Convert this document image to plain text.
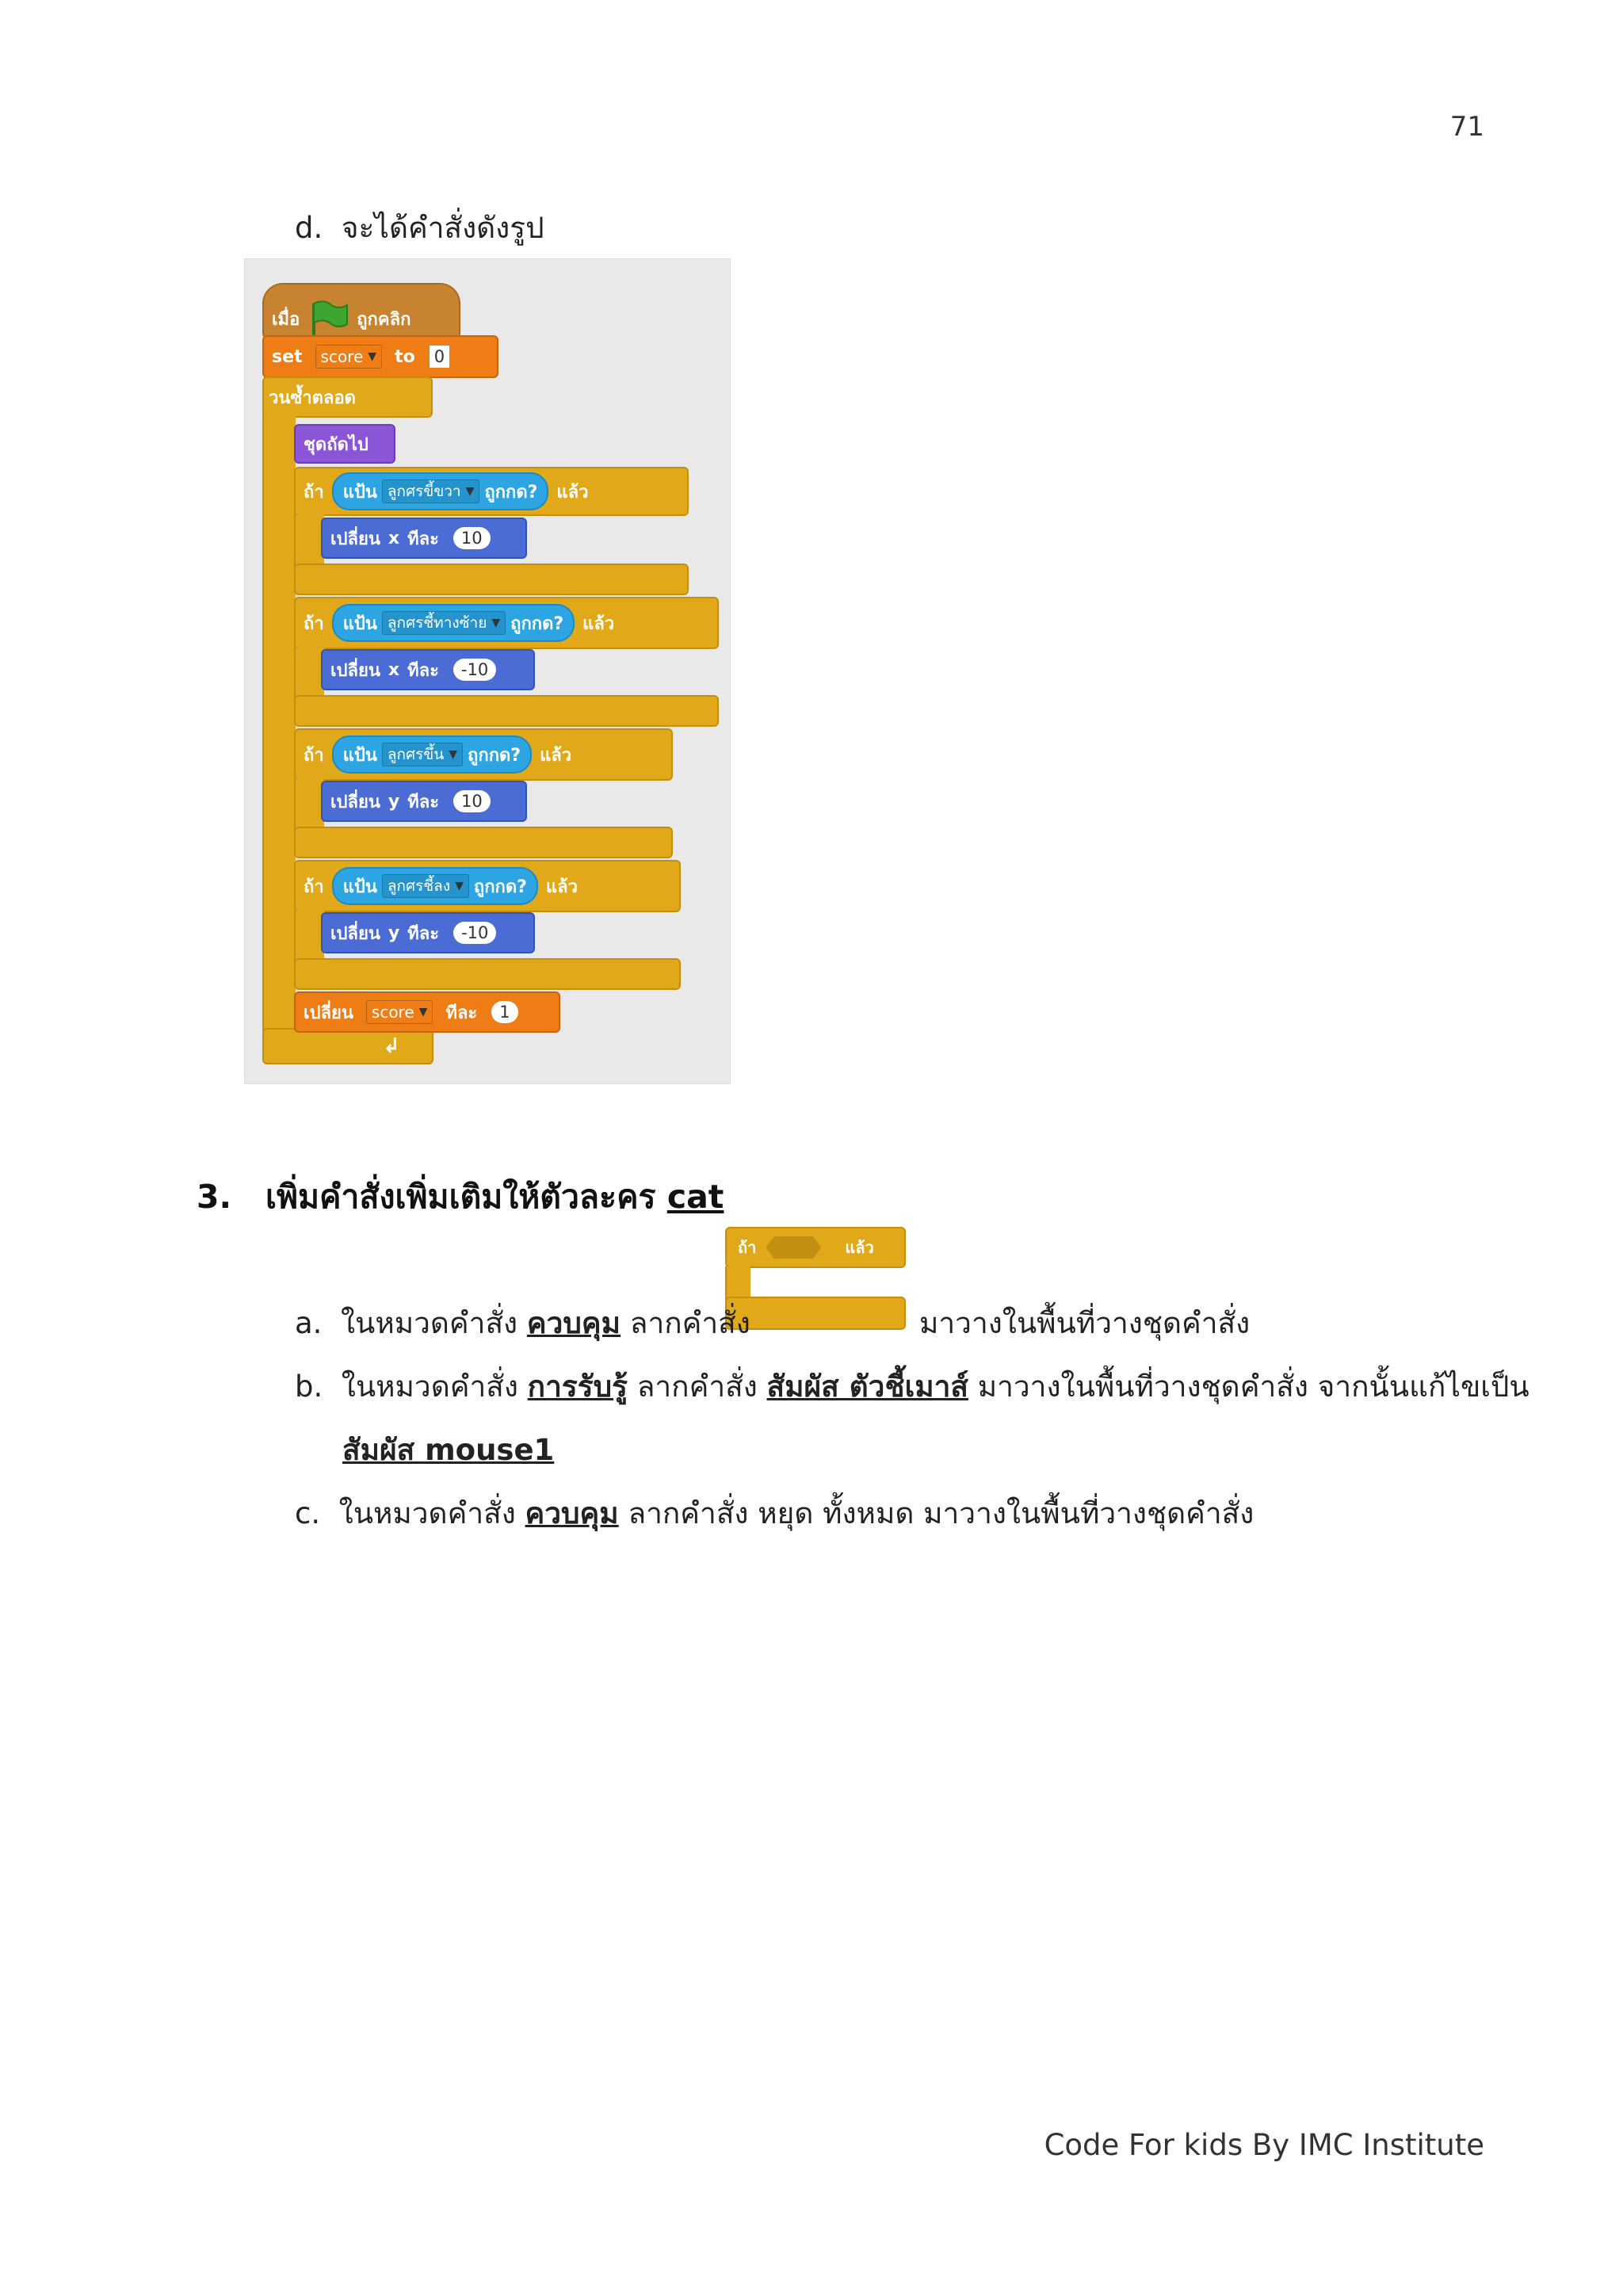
71
d. จะได้คำสั่งดังรูป
เมื่อ	ถูกคลิก
set score ▼ to 0
วนซ้ำตลอด
↲
ชุดถัดไป
ถ้า แป้น ลูกศรขี้ขวา ▼ ถูกกด? แล้ว
เปลี่ยน x ทีละ	10
ถ้า แป้น ลูกศรชี้ทางซ้าย ▼ ถูกกด? แล้ว
เปลี่ยน x ทีละ	-10
ถ้า แป้น ลูกศรขึ้น ▼ ถูกกด? แล้ว
เปลี่ยน y ทีละ	10
ถ้า แป้น ลูกศรชี้ลง ▼ ถูกกด? แล้ว
เปลี่ยน y ทีละ	-10
เปลี่ยน score ▼ ทีละ	1
3. เพิ่มคำสั่งเพิ่มเติมให้ตัวละคร cat
ถ้า	แล้ว
a. ในหมวดคำสั่ง ควบคุม ลากคำสั่ง	มาวางในพื้นที่วางชุดคำสั่ง
b. ในหมวดคำสั่ง การรับรู้ ลากคำสั่ง สัมผัส ตัวชี้เมาส์ มาวางในพื้นที่วางชุดคำสั่ง จากนั้นแก้ไขเป็น
สัมผัส mouse1
c. ในหมวดคำสั่ง ควบคุม ลากคำสั่ง หยุด ทั้งหมด มาวางในพื้นที่วางชุดคำสั่ง
Code For kids By IMC Institute
